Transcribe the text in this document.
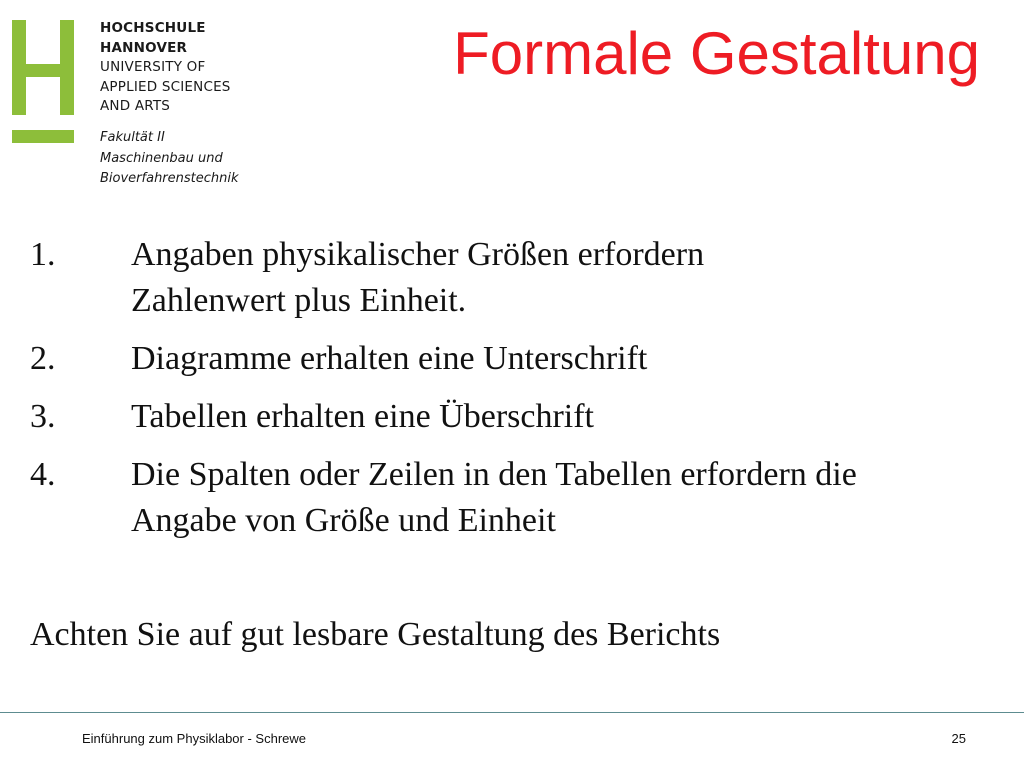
HOCHSCHULE
HANNOVER
UNIVERSITY OF
APPLIED SCIENCES
AND ARTS
Fakultät II
Maschinenbau und
Bioverfahrenstechnik
Formale Gestaltung
1.	Angaben physikalischer Größen erfordern
Zahlenwert plus Einheit.
2.	Diagramme erhalten eine Unterschrift
3.	Tabellen erhalten eine Überschrift
4.	Die Spalten oder Zeilen in den Tabellen erfordern die
Angabe von Größe und Einheit
Achten Sie auf gut lesbare Gestaltung des Berichts
Einführung zum Physiklabor - Schrewe	25
